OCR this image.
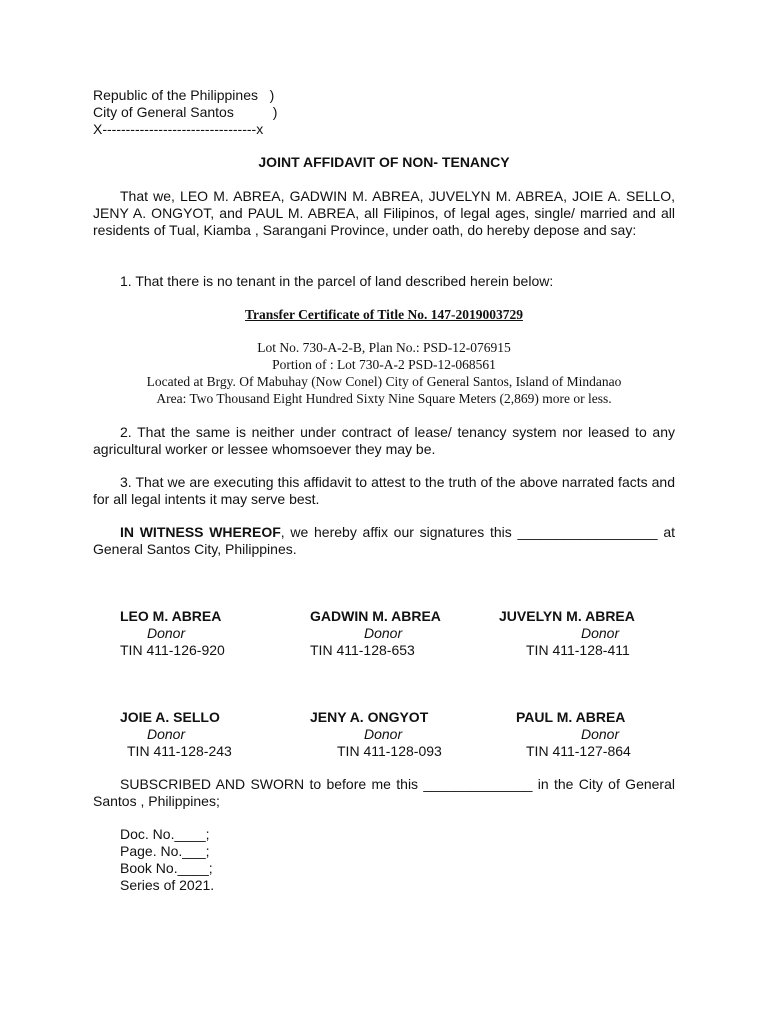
Republic of the Philippines   )
City of General Santos          )
X---------------------------------x
JOINT AFFIDAVIT OF NON- TENANCY
That we, LEO M. ABREA, GADWIN M. ABREA, JUVELYN M. ABREA, JOIE A. SELLO, JENY A. ONGYOT, and PAUL M. ABREA, all Filipinos, of legal ages, single/ married and all residents of Tual, Kiamba , Sarangani Province, under oath, do hereby depose and say:
1. That there is no tenant in the parcel of land described herein below:
Transfer Certificate of Title No. 147-2019003729
Lot No. 730-A-2-B, Plan No.: PSD-12-076915
Portion of : Lot 730-A-2 PSD-12-068561
Located at Brgy. Of Mabuhay (Now Conel) City of General Santos, Island of Mindanao
Area: Two Thousand Eight Hundred Sixty Nine Square Meters (2,869) more or less.
2. That the same is neither under contract of lease/ tenancy system nor leased to any agricultural worker or lessee whomsoever they may be.
3. That we are executing this affidavit to attest to the truth of the above narrated facts and for all legal intents it may serve best.
IN WITNESS WHEREOF, we hereby affix our signatures this __________________ at General Santos City, Philippines.
LEO M. ABREA
Donor
TIN 411-126-920
GADWIN M. ABREA
Donor
TIN 411-128-653
JUVELYN M. ABREA
Donor
TIN 411-128-411
JOIE A. SELLO
Donor
TIN 411-128-243
JENY A. ONGYOT
Donor
TIN 411-128-093
PAUL M. ABREA
Donor
TIN 411-127-864
SUBSCRIBED AND SWORN to before me this ______________ in the City of General Santos , Philippines;
Doc. No.____;
Page. No.___;
Book No.____;
Series of 2021.
